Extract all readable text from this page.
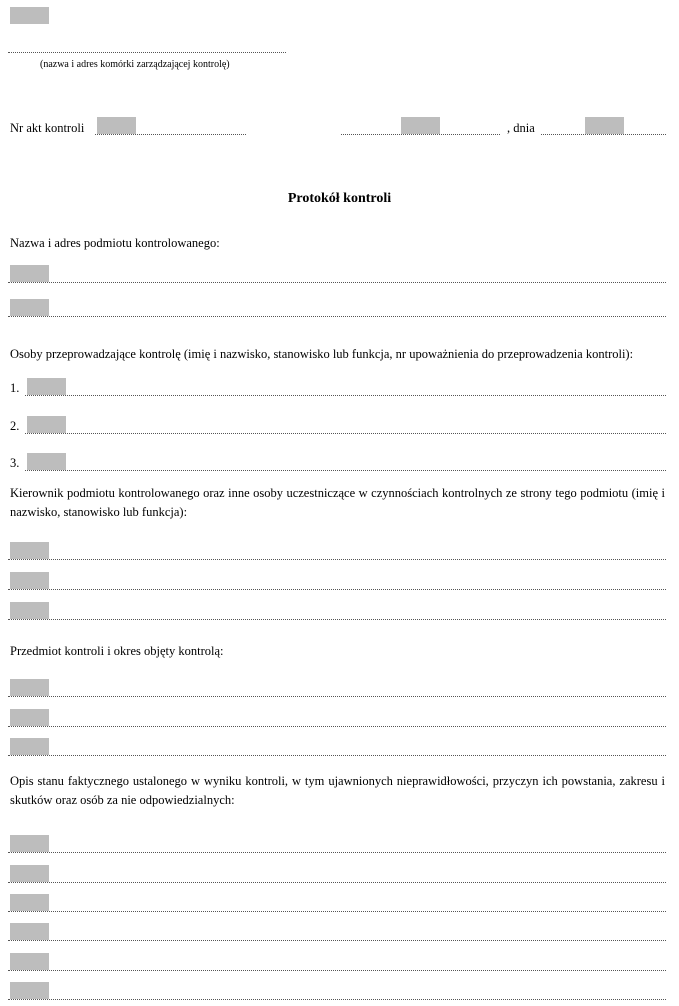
(nazwa i adres komórki zarządzającej kontrolę)
Nr akt kontroli	, dnia
Protokół kontroli
Nazwa i adres podmiotu kontrolowanego:
Osoby przeprowadzające kontrolę (imię i nazwisko, stanowisko lub funkcja, nr upoważnienia do przeprowadzenia kontroli):
1.
2.
3.
Kierownik podmiotu kontrolowanego oraz inne osoby uczestniczące w czynnościach kontrolnych ze strony tego podmiotu (imię i nazwisko, stanowisko lub funkcja):
Przedmiot kontroli i okres objęty kontrolą:
Opis stanu faktycznego ustalonego w wyniku kontroli, w tym ujawnionych nieprawidłowości, przyczyn ich powstania, zakresu i skutków oraz osób za nie odpowiedzialnych:
